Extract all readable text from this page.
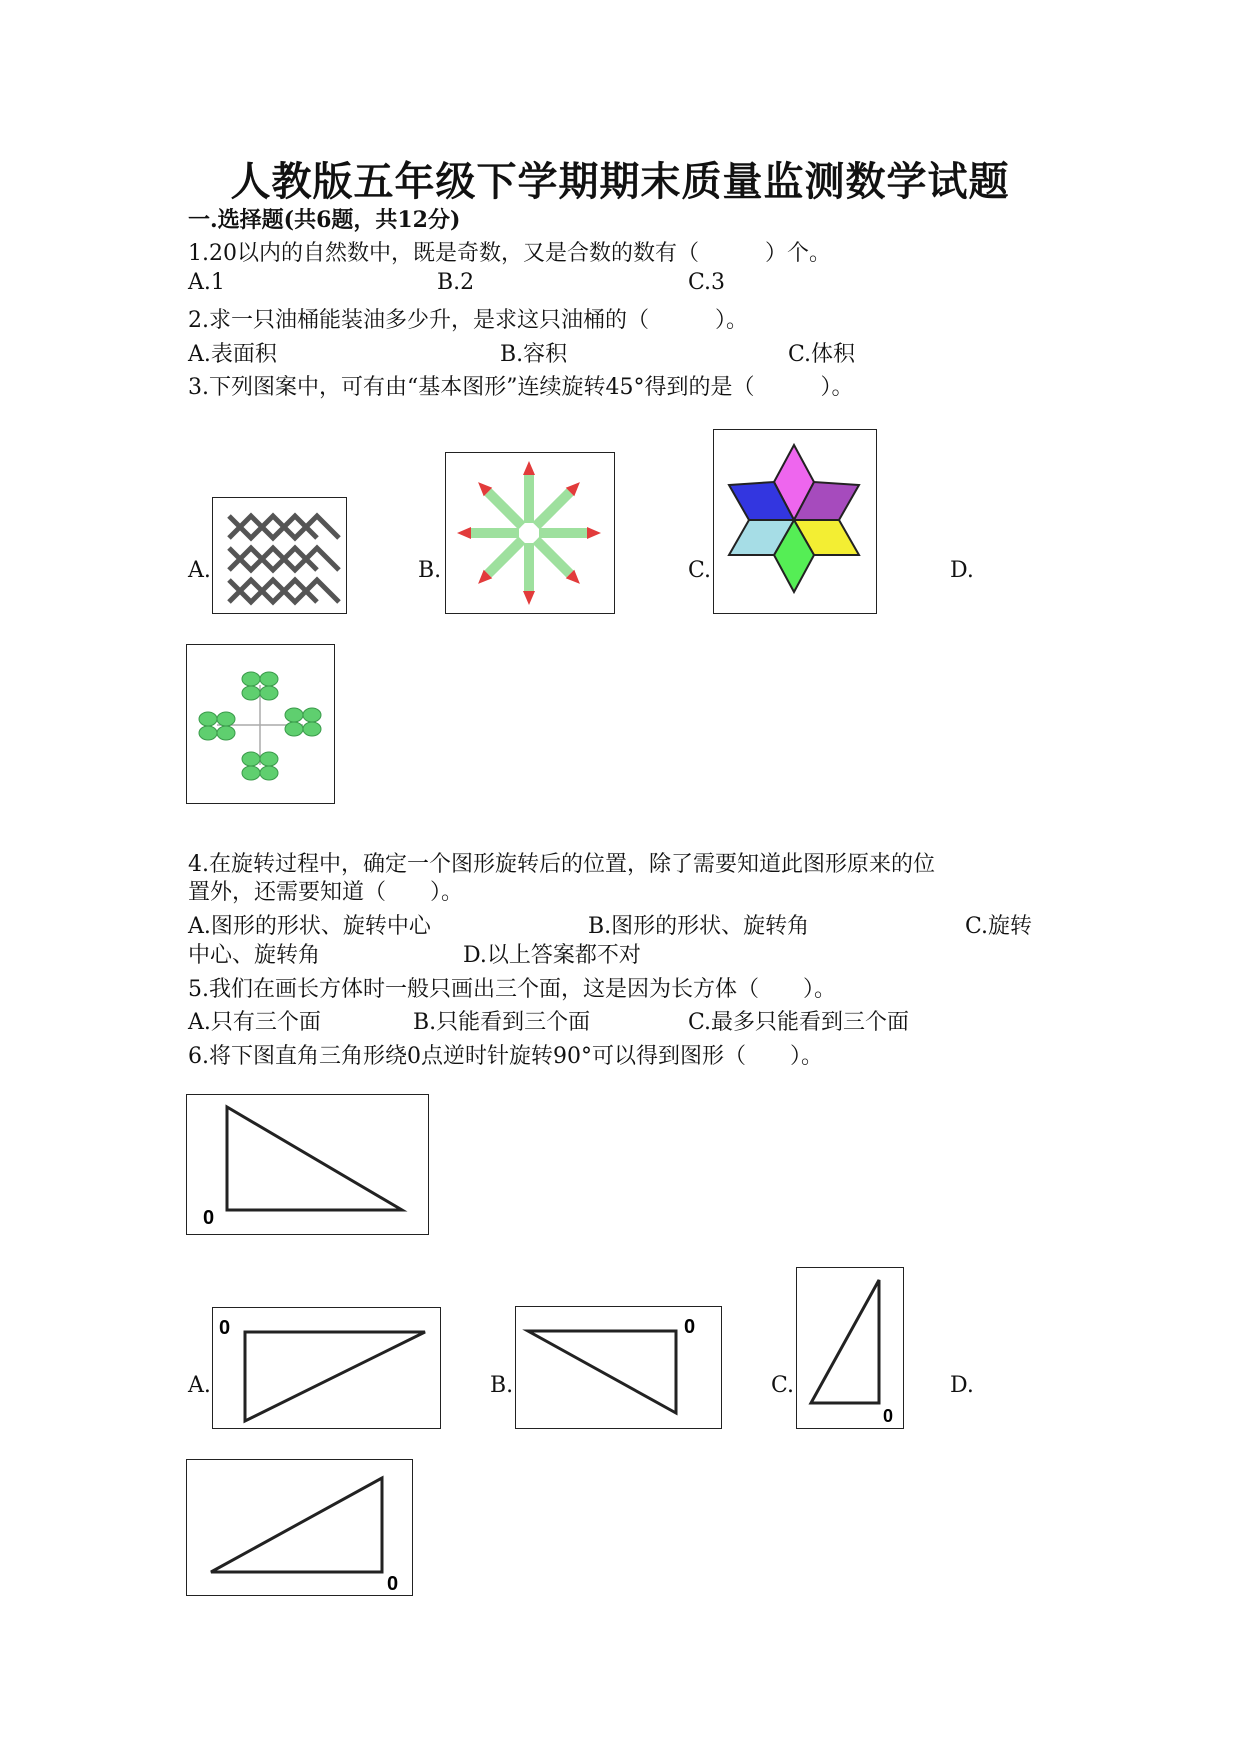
人教版五年级下学期期末质量监测数学试题
一.选择题(共6题，共12分)
1.20以内的自然数中，既是奇数，又是合数的数有（　　　）个。
A.1	B.2	C.3
2.求一只油桶能装油多少升，是求这只油桶的（　　　）。
A.表面积	B.容积	C.体积
3.下列图案中，可有由“基本图形”连续旋转45°得到的是（　　　）。
A.	B.	C.	D.
4.在旋转过程中，确定一个图形旋转后的位置，除了需要知道此图形原来的位
置外，还需要知道（　　）。
A.图形的形状、旋转中心	B.图形的形状、旋转角	C.旋转
中心、旋转角	D.以上答案都不对
5.我们在画长方体时一般只画出三个面，这是因为长方体（　　）。
A.只有三个面	B.只能看到三个面	C.最多只能看到三个面
6.将下图直角三角形绕0点逆时针旋转90°可以得到图形（　　）。
0
A.
0
B.
0
C.
0
D.
0
